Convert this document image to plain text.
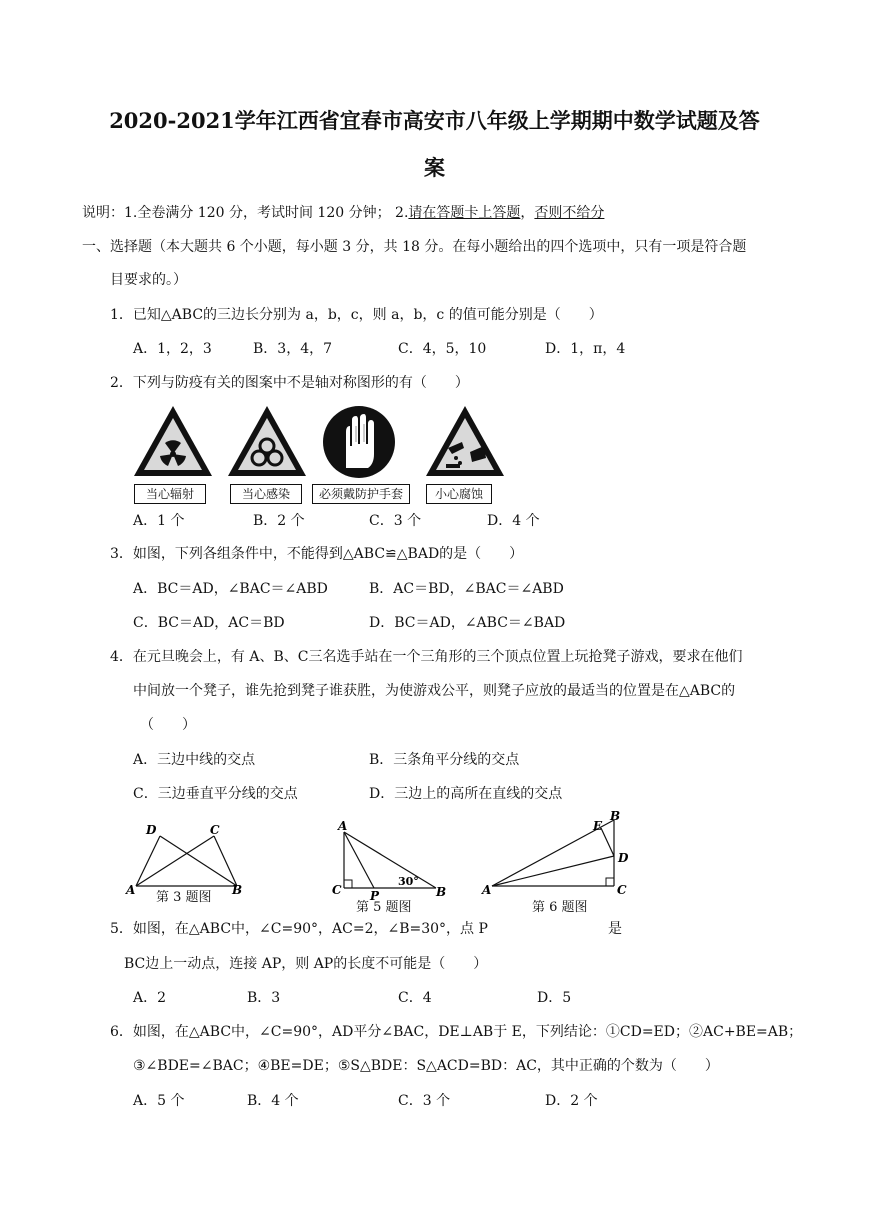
2020-2021学年江西省宜春市高安市八年级上学期期中数学试题及答
案
说明：1.全卷满分 120 分，考试时间 120 分钟； 2.请在答题卡上答题，否则不给分
一、选择题（本大题共 6 个小题，每小题 3 分，共 18 分。在每小题给出的四个选项中，只有一项是符合题
目要求的。）
1．已知△ABC的三边长分别为 a，b，c，则 a，b，c 的值可能分别是（　　）
A．1，2，3	B．3，4，7	C．4，5，10	D．1，π，4
2．下列与防疫有关的图案中不是轴对称图形的有（　　）
当心辐射	当心感染	必须戴防护手套	小心腐蚀
A．1 个	B．2 个	C．3 个	D．4 个
3．如图，下列各组条件中，不能得到△ABC≌△BAD的是（　　）
A．BC＝AD，∠BAC＝∠ABD	B．AC＝BD，∠BAC＝∠ABD
C．BC＝AD，AC＝BD	D．BC＝AD，∠ABC＝∠BAD
4．在元旦晚会上，有 A、B、C三名选手站在一个三角形的三个顶点位置上玩抢凳子游戏，要求在他们
中间放一个凳子，谁先抢到凳子谁获胜，为使游戏公平，则凳子应放的最适当的位置是在△ABC的
（　　）
A．三边中线的交点	B．三条角平分线的交点
C．三边垂直平分线的交点	D．三边上的高所在直线的交点
D	C
A	B
第 3 题图
A
C P	B
30°
第 5 题图
B
E
D
A	C
第 6 题图
5．如图，在△ABC中，∠C=90°，AC=2，∠B=30°，点 P	是
BC边上一动点，连接 AP，则 AP的长度不可能是（　　）
A．2	B．3	C．4	D．5
6．如图，在△ABC中，∠C=90°，AD平分∠BAC，DE⊥AB于 E，下列结论：①CD=ED；②AC+BE=AB；
③∠BDE=∠BAC；④BE=DE；⑤S△BDE：S△ACD=BD：AC，其中正确的个数为（　　）
A．5 个	B．4 个	C．3 个	D．2 个
